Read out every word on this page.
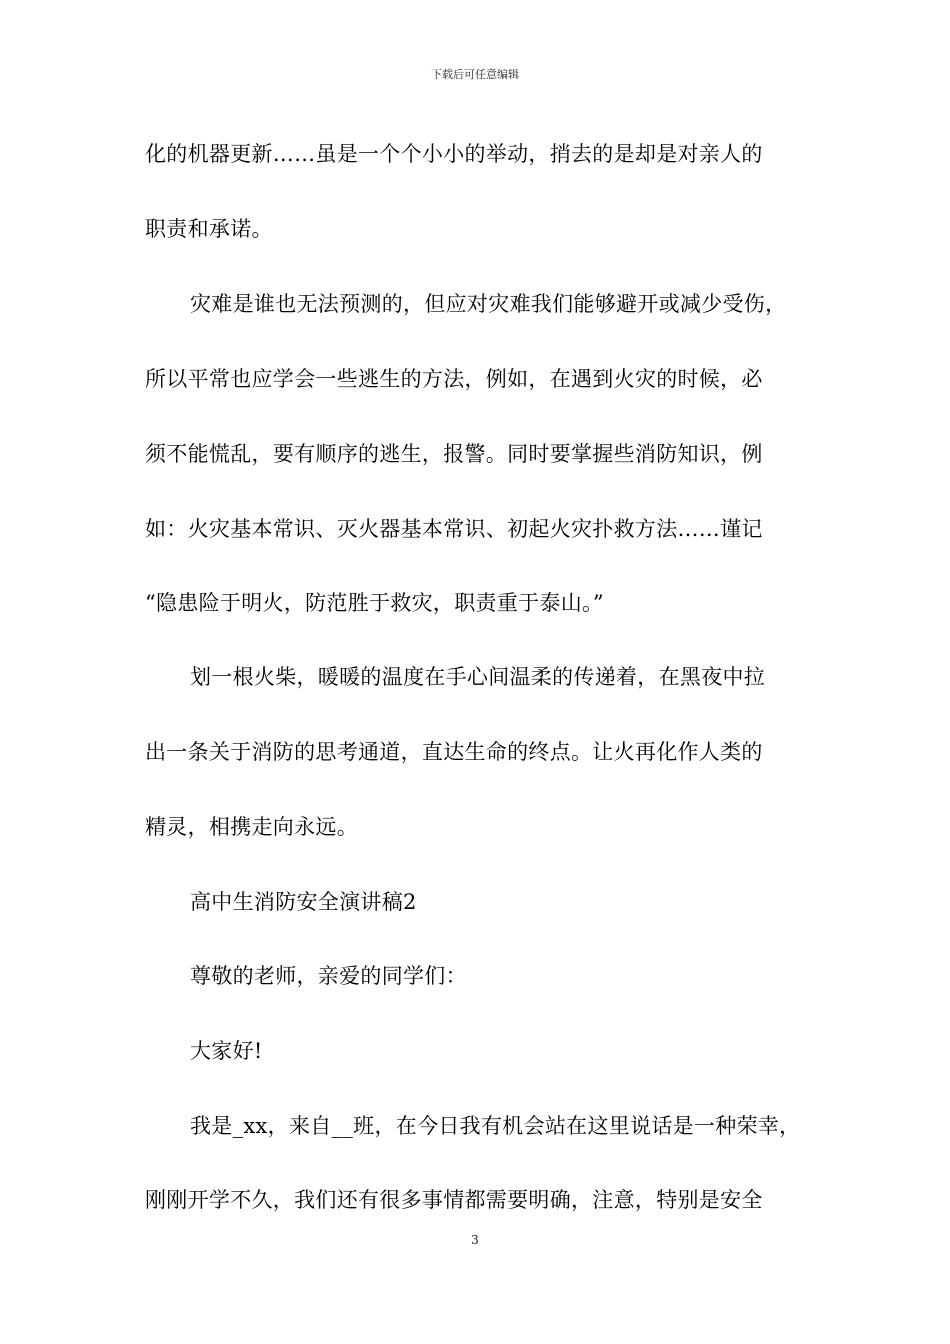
下载后可任意编辑
化的机器更新……虽是一个个小小的举动，捎去的是却是对亲人的
职责和承诺。
灾难是谁也无法预测的，但应对灾难我们能够避开或减少受伤，
所以平常也应学会一些逃生的方法，例如，在遇到火灾的时候，必
须不能慌乱，要有顺序的逃生，报警。同时要掌握些消防知识，例
如：火灾基本常识、灭火器基本常识、初起火灾扑救方法……谨记
“隐患险于明火，防范胜于救灾，职责重于泰山。”
划一根火柴，暖暖的温度在手心间温柔的传递着，在黑夜中拉
出一条关于消防的思考通道，直达生命的终点。让火再化作人类的
精灵，相携走向永远。
高中生消防安全演讲稿2
尊敬的老师，亲爱的同学们：
大家好!
我是_xx，来自__班，在今日我有机会站在这里说话是一种荣幸，
刚刚开学不久，我们还有很多事情都需要明确，注意，特别是安全
3
